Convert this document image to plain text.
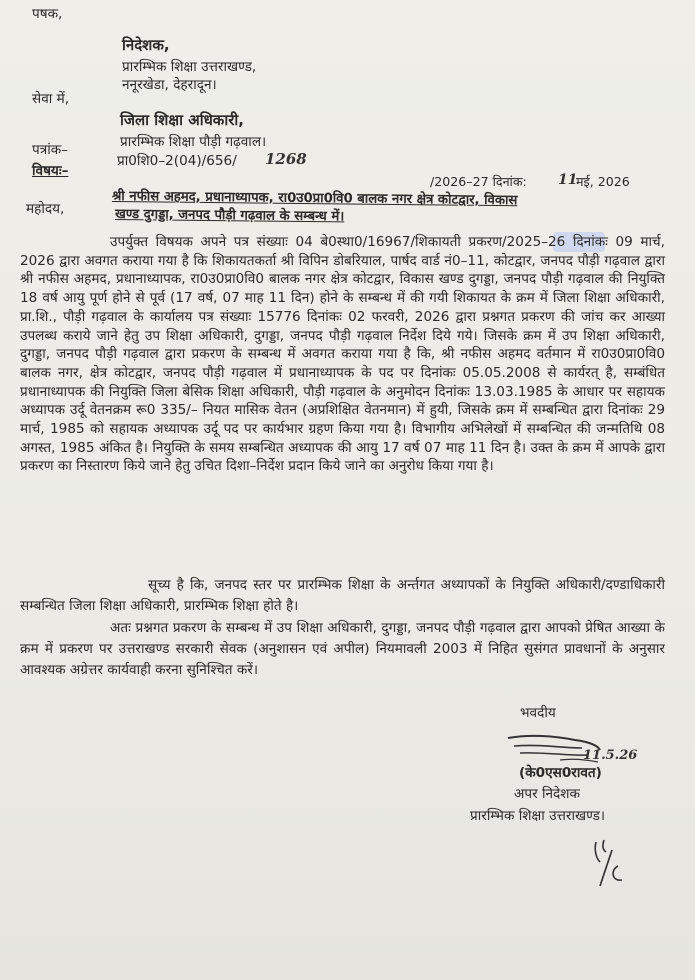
पषक,
निदेशक,
प्रारम्भिक शिक्षा उत्तराखण्ड,
ननूरखेडा, देहरादून।
सेवा में,
जिला शिक्षा अधिकारी,
प्रारम्भिक शिक्षा पौड़ी गढ़वाल।
पत्रांक–
प्रा0शि0–2(04)/656/ 1268
/2026–27 दिनांक: 11
मई, 2026
विषयः–
श्री नफीस अहमद, प्रधानाध्यापक, रा0उ0प्रा0वि0 बालक नगर क्षेत्र कोटद्वार, विकास
खण्ड दुगड्डा, जनपद पौड़ी गढ़वाल के सम्बन्ध में।
महोदय,
उपर्युक्त विषयक अपने पत्र संख्याः 04 बे0स्था0/16967/शिकायती प्रकरण/2025–26 दिनांकः 09 मार्च, 2026 द्वारा अवगत कराया गया है कि शिकायतकर्ता श्री विपिन डोबरियाल, पार्षद वार्ड नं0–11, कोटद्वार, जनपद पौड़ी गढ़वाल द्वारा श्री नफीस अहमद, प्रधानाध्यापक, रा0उ0प्रा0वि0 बालक नगर क्षेत्र कोटद्वार, विकास खण्ड दुगड्डा, जनपद पौड़ी गढ़वाल की नियुक्ति 18 वर्ष आयु पूर्ण होने से पूर्व (17 वर्ष, 07 माह 11 दिन) होने के सम्बन्ध में की गयी शिकायत के क्रम में जिला शिक्षा अधिकारी, प्रा.शि., पौड़ी गढ़वाल के कार्यालय पत्र संख्याः 15776 दिनांकः 02 फरवरी, 2026 द्वारा प्रश्नगत प्रकरण की जांच कर आख्या उपलब्ध कराये जाने हेतु उप शिक्षा अधिकारी, दुगड्डा, जनपद पौड़ी गढ़वाल निर्देश दिये गये। जिसके क्रम में उप शिक्षा अधिकारी, दुगड्डा, जनपद पौड़ी गढ़वाल द्वारा प्रकरण के सम्बन्ध में अवगत कराया गया है कि, श्री नफीस अहमद वर्तमान में रा0उ0प्रा0वि0 बालक नगर, क्षेत्र कोटद्वार, जनपद पौड़ी गढ़वाल में प्रधानाध्यापक के पद पर दिनांकः 05.05.2008 से कार्यरत् है, सम्बंधित प्रधानाध्यापक की नियुक्ति जिला बेसिक शिक्षा अधिकारी, पौड़ी गढ़वाल के अनुमोदन दिनांकः 13.03.1985 के आधार पर सहायक अध्यापक उर्दू वेतनक्रम रू0 335/– नियत मासिक वेतन (अप्रशिक्षित वेतनमान) में हुयी, जिसके क्रम में सम्बन्धित द्वारा दिनांकः 29 मार्च, 1985 को सहायक अध्यापक उर्दू पद पर कार्यभार ग्रहण किया गया है। विभागीय अभिलेखों में सम्बन्धित की जन्मतिथि 08 अगस्त, 1985 अंकित है। नियुक्ति के समय सम्बन्धित अध्यापक की आयु 17 वर्ष 07 माह 11 दिन है। उक्त के क्रम में आपके द्वारा प्रकरण का निस्तारण किये जाने हेतु उचित दिशा–निर्देश प्रदान किये जाने का अनुरोध किया गया है।
सूच्य है कि, जनपद स्तर पर प्रारम्भिक शिक्षा के अर्न्तगत अध्यापकों के नियुक्ति अधिकारी/दण्डाधिकारी सम्बन्धित जिला शिक्षा अधिकारी, प्रारम्भिक शिक्षा होते है।
अतः प्रश्नगत प्रकरण के सम्बन्ध में उप शिक्षा अधिकारी, दुगड्डा, जनपद पौड़ी गढ़वाल द्वारा आपको प्रेषित आख्या के क्रम में प्रकरण पर उत्तराखण्ड सरकारी सेवक (अनुशासन एवं अपील) नियमावली 2003 में निहित सुसंगत प्रावधानों के अनुसार आवश्यक अग्रेत्तर कार्यवाही करना सुनिश्चित करें।
भवदीय
11.5.26
(के0एस0रावत)
अपर निदेशक
प्रारम्भिक शिक्षा उत्तराखण्ड।
